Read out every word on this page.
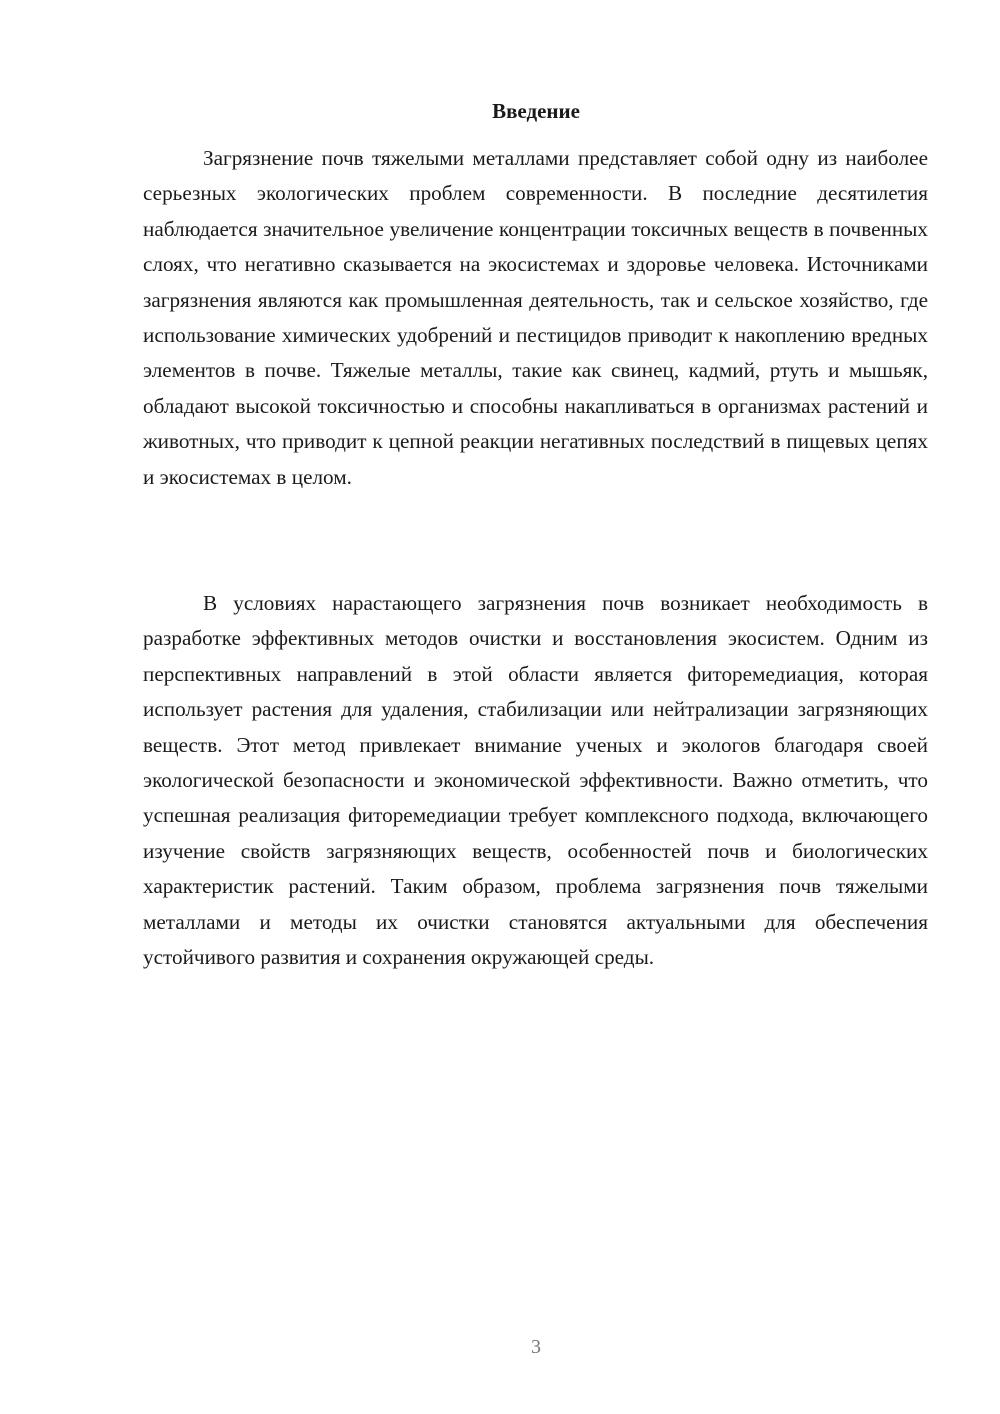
Введение

Загрязнение почв тяжелыми металлами представляет собой одну из наиболее серьезных экологических проблем современности. В последние десятилетия наблюдается значительное увеличение концентрации токсичных веществ в почвенных слоях, что негативно сказывается на экосистемах и здоровье человека. Источниками загрязнения являются как промышленная деятельность, так и сельское хозяйство, где использование химических удобрений и пестицидов приводит к накоплению вредных элементов в почве. Тяжелые металлы, такие как свинец, кадмий, ртуть и мышьяк, обладают высокой токсичностью и способны накапливаться в организмах растений и животных, что приводит к цепной реакции негативных последствий в пищевых цепях и экосистемах в целом.

В условиях нарастающего загрязнения почв возникает необходимость в разработке эффективных методов очистки и восстановления экосистем. Одним из перспективных направлений в этой области является фиторемедиация, которая использует растения для удаления, стабилизации или нейтрализации загрязняющих веществ. Этот метод привлекает внимание ученых и экологов благодаря своей экологической безопасности и экономической эффективности. Важно отметить, что успешная реализация фиторемедиации требует комплексного подхода, включающего изучение свойств загрязняющих веществ, особенностей почв и биологических характеристик растений. Таким образом, проблема загрязнения почв тяжелыми металлами и методы их очистки становятся актуальными для обеспечения устойчивого развития и сохранения окружающей среды.

3
